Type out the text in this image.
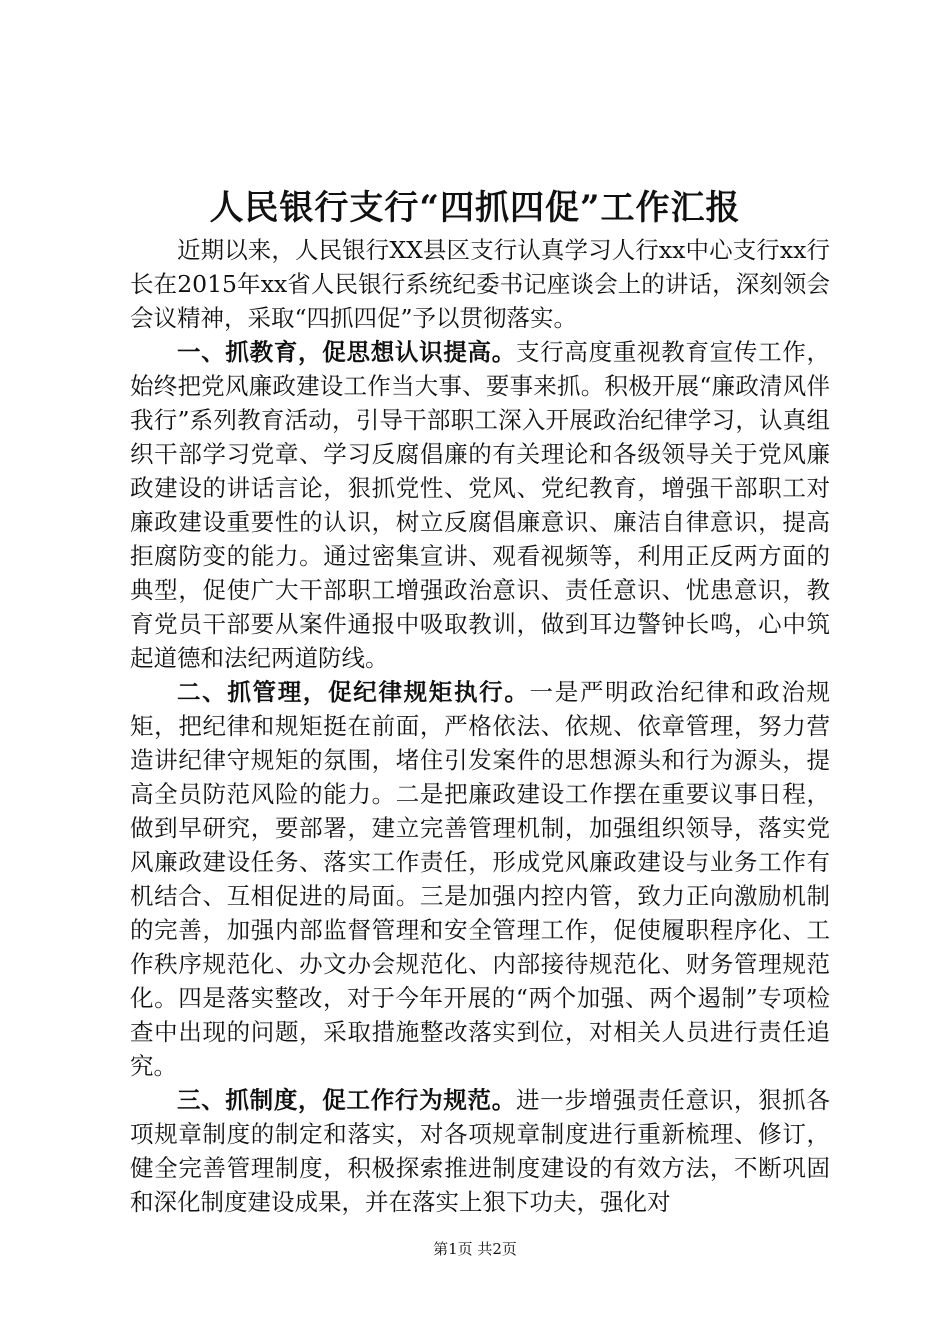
人民银行支行“四抓四促”工作汇报

近期以来，人民银行XX县区支行认真学习人行xx中心支行xx行长在2015年xx省人民银行系统纪委书记座谈会上的讲话，深刻领会会议精神，采取“四抓四促”予以贯彻落实。

一、抓教育，促思想认识提高。支行高度重视教育宣传工作，始终把党风廉政建设工作当大事、要事来抓。积极开展“廉政清风伴我行”系列教育活动，引导干部职工深入开展政治纪律学习，认真组织干部学习党章、学习反腐倡廉的有关理论和各级领导关于党风廉政建设的讲话言论，狠抓党性、党风、党纪教育，增强干部职工对廉政建设重要性的认识，树立反腐倡廉意识、廉洁自律意识，提高拒腐防变的能力。通过密集宣讲、观看视频等，利用正反两方面的典型，促使广大干部职工增强政治意识、责任意识、忧患意识，教育党员干部要从案件通报中吸取教训，做到耳边警钟长鸣，心中筑起道德和法纪两道防线。

二、抓管理，促纪律规矩执行。一是严明政治纪律和政治规矩，把纪律和规矩挺在前面，严格依法、依规、依章管理，努力营造讲纪律守规矩的氛围，堵住引发案件的思想源头和行为源头，提高全员防范风险的能力。二是把廉政建设工作摆在重要议事日程，做到早研究，要部署，建立完善管理机制，加强组织领导，落实党风廉政建设任务、落实工作责任，形成党风廉政建设与业务工作有机结合、互相促进的局面。三是加强内控内管，致力正向激励机制的完善，加强内部监督管理和安全管理工作，促使履职程序化、工作秩序规范化、办文办会规范化、内部接待规范化、财务管理规范化。四是落实整改，对于今年开展的“两个加强、两个遏制”专项检查中出现的问题，采取措施整改落实到位，对相关人员进行责任追究。

三、抓制度，促工作行为规范。进一步增强责任意识，狠抓各项规章制度的制定和落实，对各项规章制度进行重新梳理、修订，健全完善管理制度，积极探索推进制度建设的有效方法，不断巩固和深化制度建设成果，并在落实上狠下功夫，强化对

第1页 共2页
